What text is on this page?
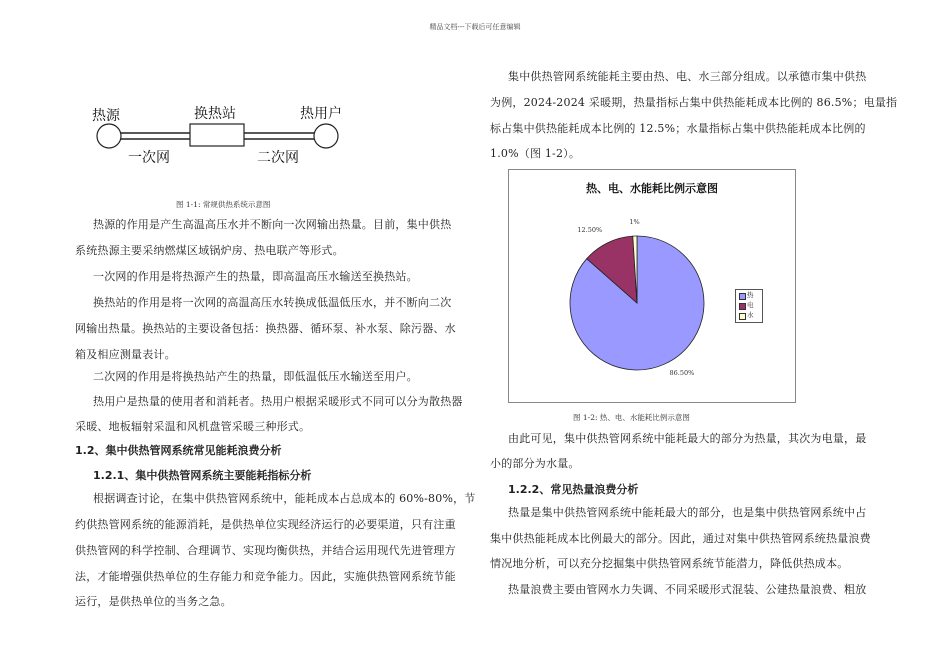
精品文档---下载后可任意编辑
热源	换热站	热用户
一次网	二次网
图 1-1: 常规供热系统示意图
热源的作用是产生高温高压水并不断向一次网输出热量。目前，集中供热
系统热源主要采纳燃煤区域锅炉房、热电联产等形式。
一次网的作用是将热源产生的热量，即高温高压水输送至换热站。
换热站的作用是将一次网的高温高压水转换成低温低压水，并不断向二次
网输出热量。换热站的主要设备包括：换热器、循环泵、补水泵、除污器、水
箱及相应测量表计。
二次网的作用是将换热站产生的热量，即低温低压水输送至用户。
热用户是热量的使用者和消耗者。热用户根据采暖形式不同可以分为散热器
采暖、地板辐射采温和风机盘管采暖三种形式。
1.2、集中供热管网系统常见能耗浪费分析
1.2.1、集中供热管网系统主要能耗指标分析
根据调查讨论，在集中供热管网系统中，能耗成本占总成本的 60%-80%，节
约供热管网系统的能源消耗，是供热单位实现经济运行的必要渠道，只有注重
供热管网的科学控制、合理调节、实现均衡供热，并结合运用现代先进管理方
法，才能增强供热单位的生存能力和竞争能力。因此，实施供热管网系统节能
运行，是供热单位的当务之急。
集中供热管网系统能耗主要由热、电、水三部分组成。以承德市集中供热
为例，2024-2024 采暖期，热量指标占集中供热能耗成本比例的 86.5%；电量指
标占集中供热能耗成本比例的 12.5%；水量指标占集中供热能耗成本比例的
1.0%（图 1-2）。
热、电、水能耗比例示意图
86.50%
12.50%
1%
热
电
水
图 1-2: 热、电、水能耗比例示意图
由此可见，集中供热管网系统中能耗最大的部分为热量，其次为电量，最
小的部分为水量。
1.2.2、常见热量浪费分析
热量是集中供热管网系统中能耗最大的部分，也是集中供热管网系统中占
集中供热能耗成本比例最大的部分。因此，通过对集中供热管网系统热量浪费
情况地分析，可以充分挖掘集中供热管网系统节能潜力，降低供热成本。
热量浪费主要由管网水力失调、不同采暖形式混装、公建热量浪费、粗放
